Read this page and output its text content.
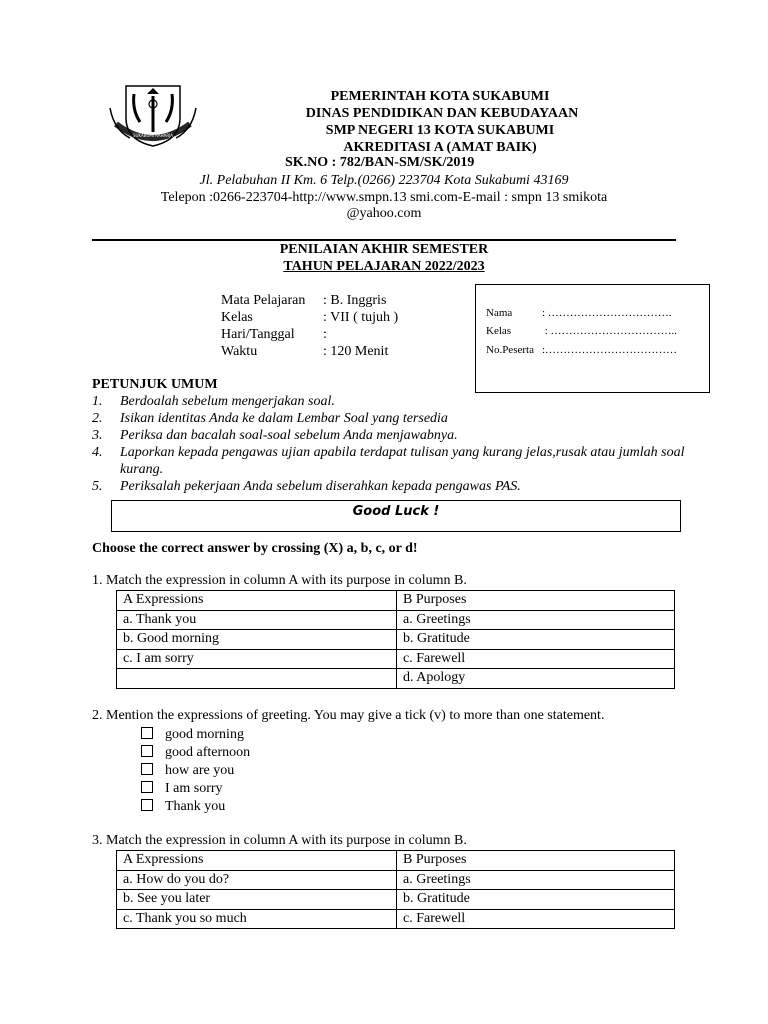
SUKABUMI RAHARJA
PEMERINTAH KOTA SUKABUMI
DINAS PENDIDIKAN DAN KEBUDAYAAN
SMP NEGERI 13 KOTA SUKABUMI
AKREDITASI A (AMAT BAIK)
SK.NO : 782/BAN-SM/SK/2019
Jl. Pelabuhan II Km. 6 Telp.(0266) 223704 Kota Sukabumi 43169
Telepon :0266-223704-http://www.smpn.13 smi.com-E-mail : smpn 13 smikota
@yahoo.com
PENILAIAN AKHIR SEMESTER
TAHUN PELAJARAN 2022/2023
Mata Pelajaran : B. Inggris
Kelas	: VII ( tujuh )
Hari/Tanggal :
Waktu	: 120 Menit
Nama	: …………………………….
Kelas	: ……………………………..
No.Peserta :………………………………
PETUNJUK UMUM
1. Berdoalah sebelum mengerjakan soal.
2. Isikan identitas Anda ke dalam Lembar Soal yang tersedia
3. Periksa dan bacalah soal-soal sebelum Anda menjawabnya.
4. Laporkan kepada pengawas ujian apabila terdapat tulisan yang kurang jelas,rusak atau jumlah soal kurang.
5. Periksalah pekerjaan Anda sebelum diserahkan kepada pengawas PAS.
Good Luck !
Choose the correct answer by crossing (X) a, b, c, or d!
1. Match the expression in column A with its purpose in column B.
A Expressions	B Purposes
a. Thank you	a. Greetings
b. Good morning	b. Gratitude
c. I am sorry	c. Farewell
	d. Apology
2. Mention the expressions of greeting. You may give a tick (v) to more than one statement.
good morning
good afternoon
how are you
I am sorry
Thank you
3. Match the expression in column A with its purpose in column B.
A Expressions	B Purposes
a. How do you do?	a. Greetings
b. See you later	b. Gratitude
c. Thank you so much	c. Farewell
